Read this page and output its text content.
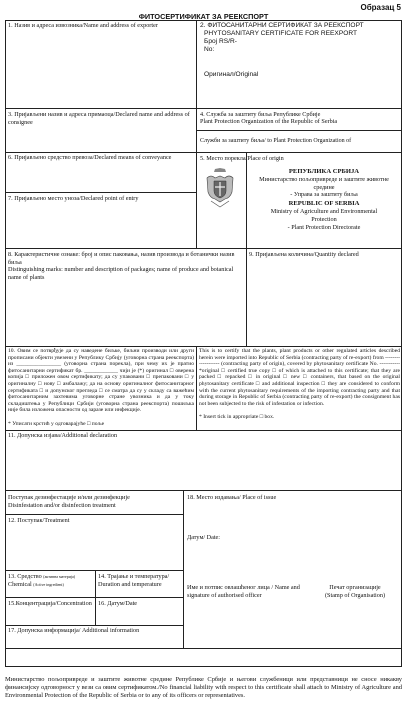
Образац 5
ФИТОСЕРТИФИКАТ ЗА РЕЕКСПОРТ
1. Назив и адреса извозника/Name and address of exporter	2. ФИТОСАНИТАРНИ СЕРТИФИКАТ ЗА РЕЕКСПОРТ
PHYTOSANITARY CERTIFICATE FOR REEXPORT
Број RS/R-
No:
Оригинал/Original
3. Пријављени назив и адреса примаоца/Declared name and address of consignee
4. Служба за заштиту биља Републике Србије
Plant Protection Organization of the Republic of Serbia
Служби за заштиту биља/ to Plant Protection Organization of
5. Место порекла/Place of origin
6. Пријављено средство превоза/Declared means of conveyance
7. Пријављено место уноза/Declared point of entry
РЕПУБЛИКА СРБИЈА
Министарство пољопривреде и заштите животне средине
- Управа за заштиту биља
REPUBLIC OF SERBIA
Ministry of Agriculture and Environmental Protection
- Plant Protection Directorate
8. Карактеристичне ознаке: број и опис паковања, назив производа и ботанички назив биља
Distinguishing marks: number and description of packages; name of produce and botanical name of plants
9. Пријављена количина/Quantity declared
10. Овим се потврђује да су наведене биљке, биљни производи или други прописани објекти увезени у Републику Србију (уговорна страна реекспорта) из ________________ (уговорна страна порекла), при чему их је пратио фитосанитарни сертификат бр. ____________ чији је (*) оригинал □ оверена копија □ приложен овом сертификату; да су упаковани □ препаковани □ у оригиналну □ нову □ амбалажу; да на основу оригиналног фитосанитарног сертификата □ и допунског прегледа □ се сматра да су у складу са важећим фитосанитарним захтевима уговорне стране увозника и да у току складиштења у Републици Србији (уговорна страна реекспорта) пошиљка није била изложена опасности од заразе или инфекције.
* Уписати крстић у одговарајуће □ поље
This is to certify that the plants, plant products or other regulated articles described herein were imported into Republic of Serbia (contracting party of re-export) from ------------------- (contracting party of origin), covered by phytosanitary certificate No. ----------- *original □ certified true copy □ of which is attached to this certificate; that they are packed □ repacked □ in original □ new □ containers, that based on the original phytosanitary certificate □ and additional inspection □ they are considered to conform with the current phytosanitary requirements of the importing contracting party and that during storage in Republic of Serbia (contracting party of re-export) the consignment has not been subjected to the risk of infestation or infection.
* Insert tick in appropriate □ box.
11. Допунска изјава/Additional declaration
Поступак дезинфестације и/или дезинфекције
Disinfestation and/or disinfection treatment
12. Поступак/Treatment
13. Средство (активна материја)
Chemical (Active ingredient)
14. Трајање и температура/ Duration and temperature
15.Концентрација/Concentration 16. Датум/Date
17. Допунска информација/ Additional information
18. Место издавања/ Place of issue
Датум/ Date:
Име и потпис овлашћеног лица / Name and signature of authorised officer
Печат организације (Stamp of Organisation)
Министарство пољопривреде и заштите животне средине Републике Србије и његови службеници или представници не сносе никакву финансијску одговорност у вези са овим сертификатом./No financial liability with respect to this certificate shall attach to Ministry of Agriculture and Environmental Protection of the Republic of Serbia or to any of its officers or representatives.
